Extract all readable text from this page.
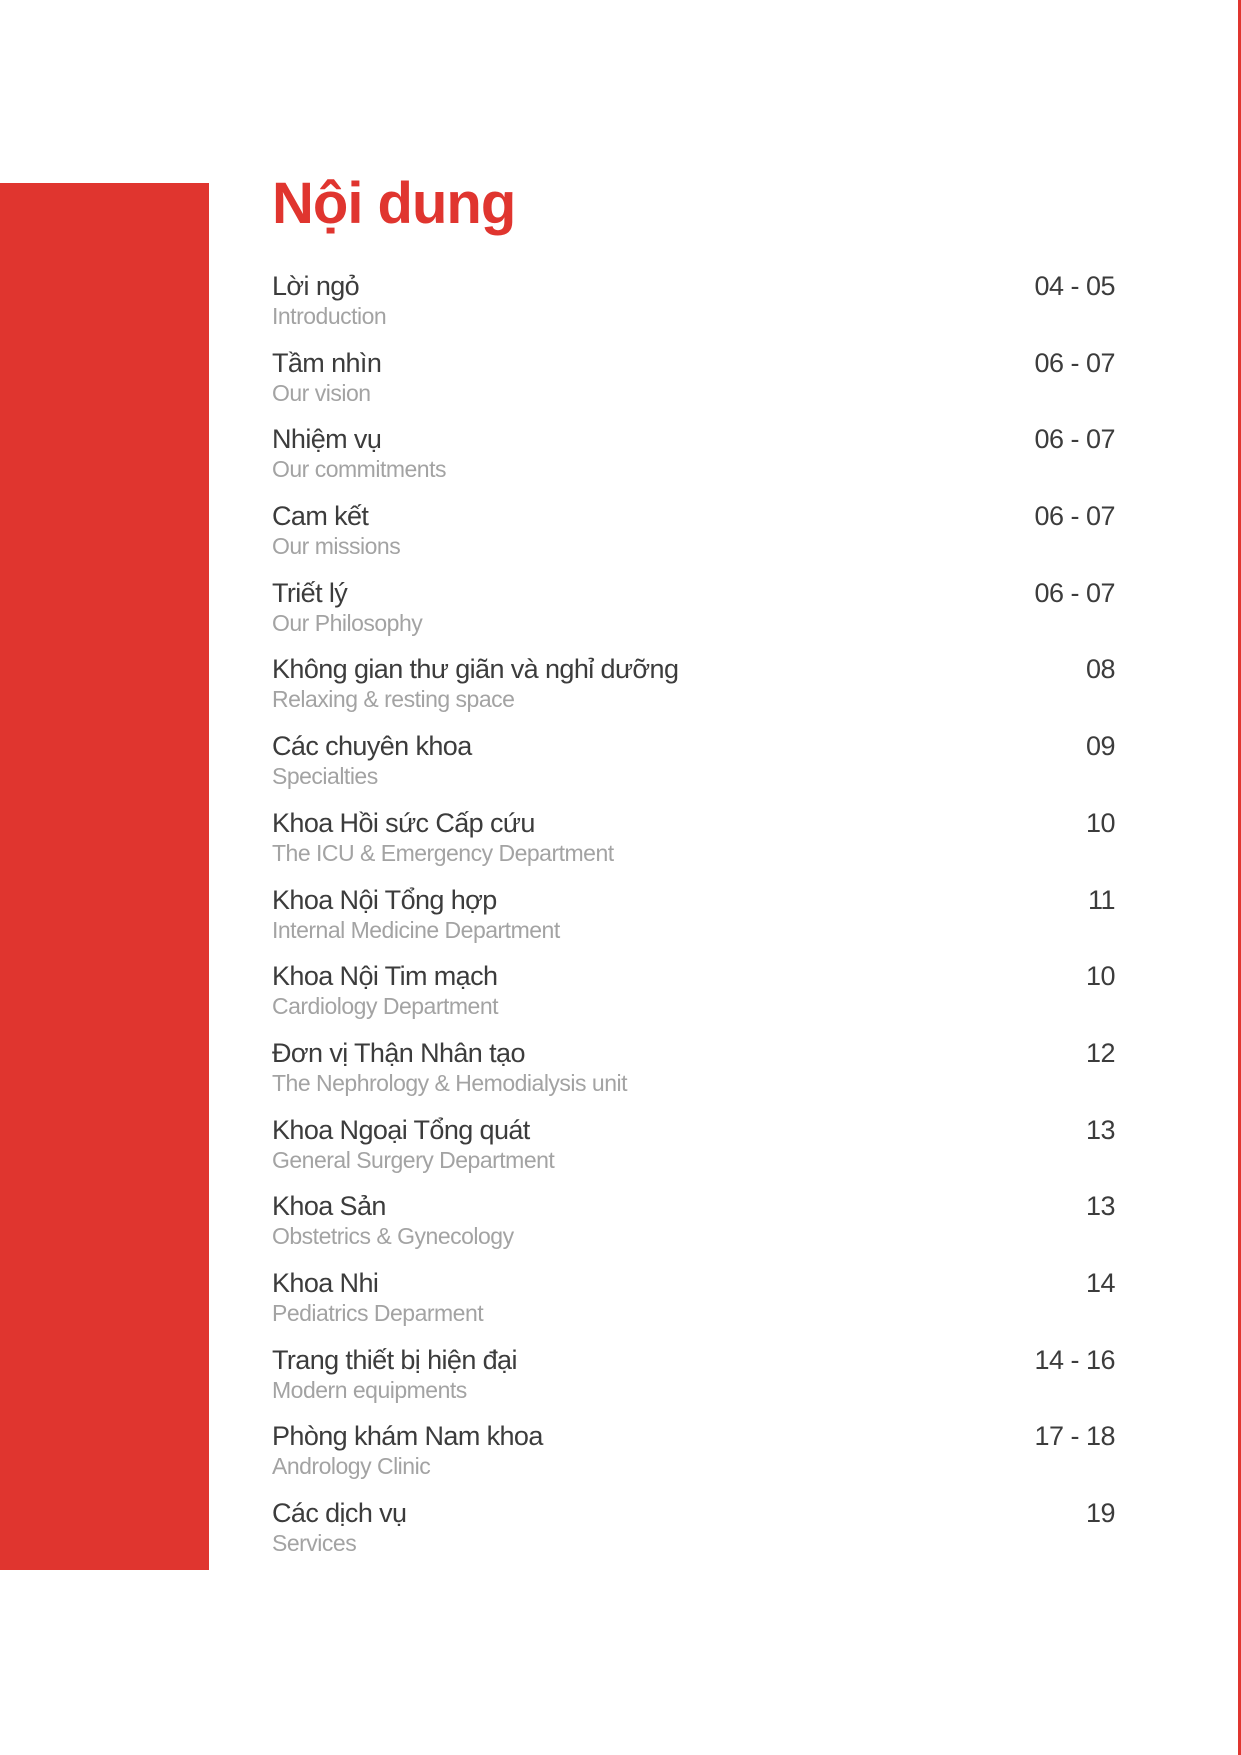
Nội dung
Lời ngỏ
Introduction
04 - 05
Tầm nhìn
Our vision
06 - 07
Nhiệm vụ
Our commitments
06 - 07
Cam kết
Our missions
06 - 07
Triết lý
Our Philosophy
06 - 07
Không gian thư giãn và nghỉ dưỡng
Relaxing & resting space
08
Các chuyên khoa
Specialties
09
Khoa Hồi sức Cấp cứu
The ICU & Emergency Department
10
Khoa Nội Tổng hợp
Internal Medicine Department
11
Khoa Nội Tim mạch
Cardiology Department
10
Đơn vị Thận Nhân tạo
The Nephrology & Hemodialysis unit
12
Khoa Ngoại Tổng quát
General Surgery Department
13
Khoa Sản
Obstetrics & Gynecology
13
Khoa Nhi
Pediatrics Deparment
14
Trang thiết bị hiện đại
Modern equipments
14 - 16
Phòng khám Nam khoa
Andrology Clinic
17 - 18
Các dịch vụ
Services
19
